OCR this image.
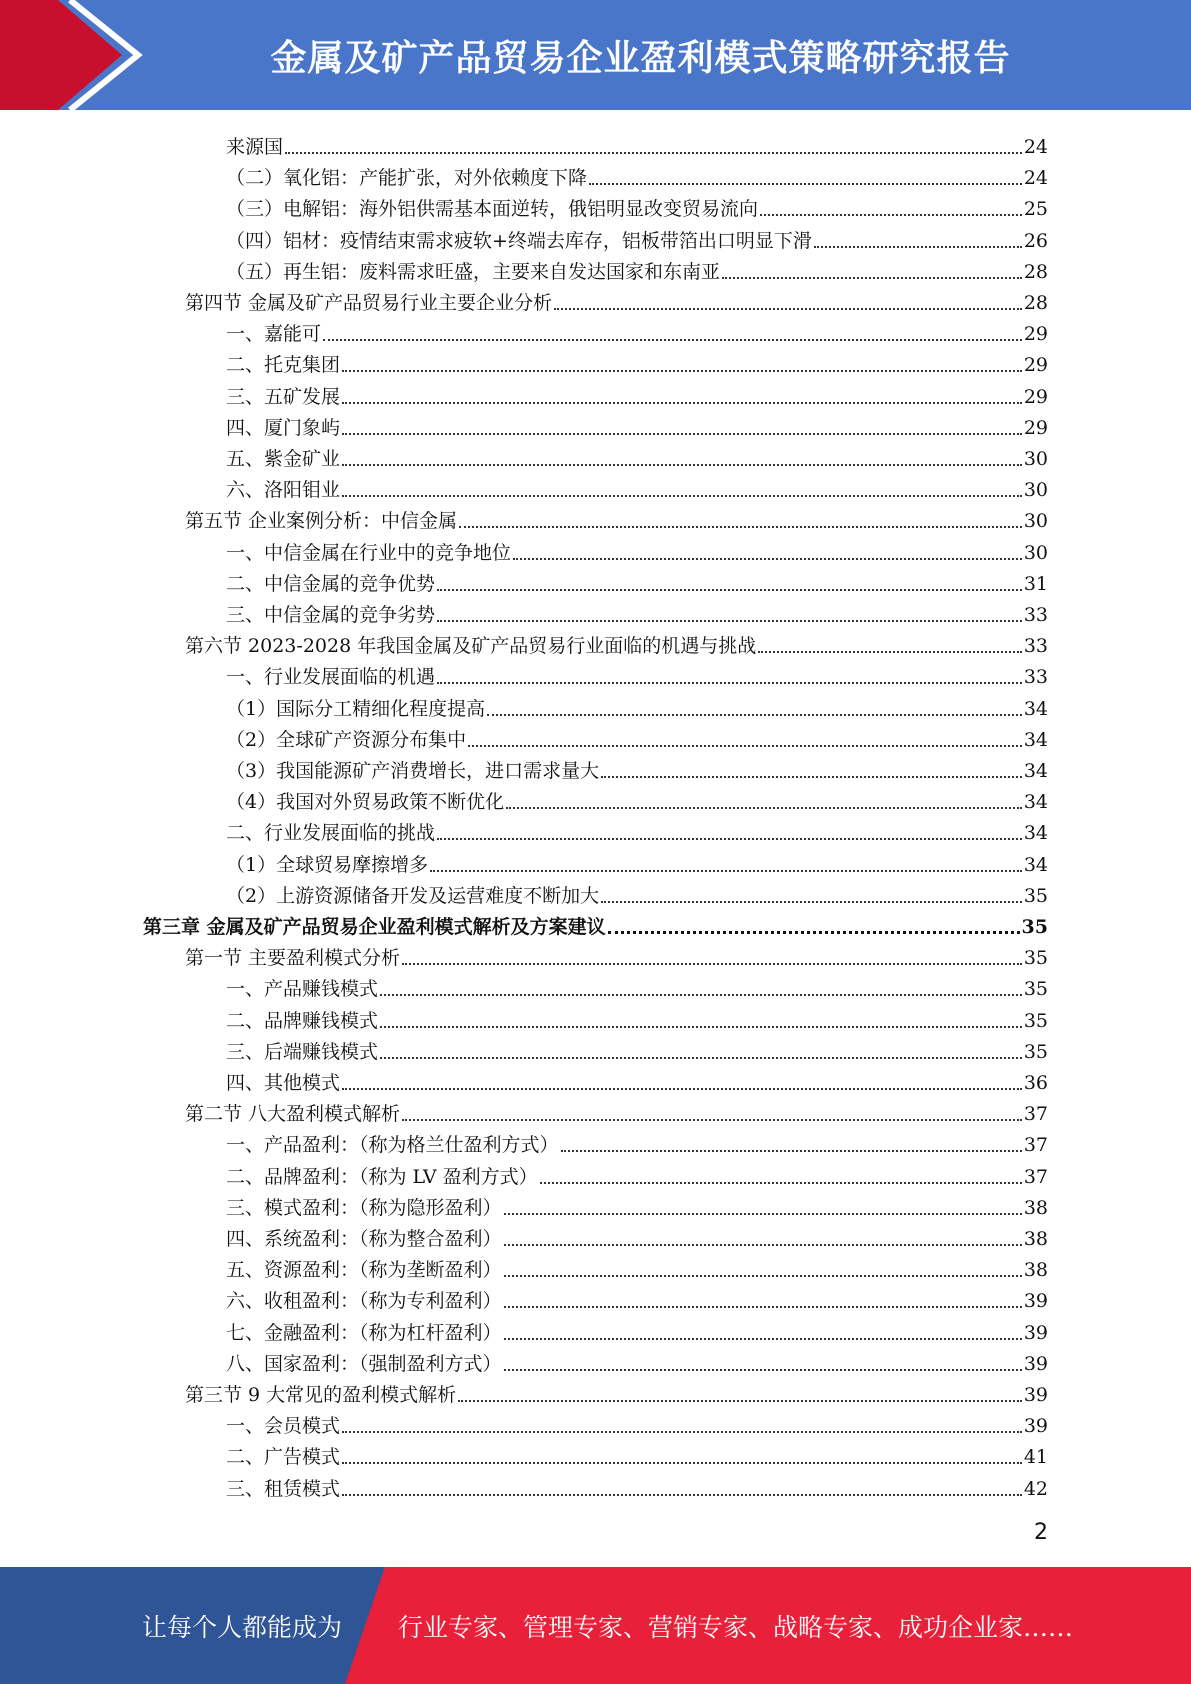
金属及矿产品贸易企业盈利模式策略研究报告
来源国	24
（二）氧化铝：产能扩张，对外依赖度下降	24
（三）电解铝：海外铝供需基本面逆转，俄铝明显改变贸易流向	25
（四）铝材：疫情结束需求疲软+终端去库存，铝板带箔出口明显下滑	26
（五）再生铝：废料需求旺盛，主要来自发达国家和东南亚	28
第四节 金属及矿产品贸易行业主要企业分析	28
一、嘉能可	29
二、托克集团	29
三、五矿发展	29
四、厦门象屿	29
五、紫金矿业	30
六、洛阳钼业	30
第五节 企业案例分析：中信金属	30
一、中信金属在行业中的竞争地位	30
二、中信金属的竞争优势	31
三、中信金属的竞争劣势	33
第六节 2023-2028 年我国金属及矿产品贸易行业面临的机遇与挑战	33
一、行业发展面临的机遇	33
（1）国际分工精细化程度提高	34
（2）全球矿产资源分布集中	34
（3）我国能源矿产消费增长，进口需求量大	34
（4）我国对外贸易政策不断优化	34
二、行业发展面临的挑战	34
（1）全球贸易摩擦增多	34
（2）上游资源储备开发及运营难度不断加大	35
第三章 金属及矿产品贸易企业盈利模式解析及方案建议	35
第一节 主要盈利模式分析	35
一、产品赚钱模式	35
二、品牌赚钱模式	35
三、后端赚钱模式	35
四、其他模式	36
第二节 八大盈利模式解析	37
一、产品盈利：（称为格兰仕盈利方式）	37
二、品牌盈利：（称为 LV 盈利方式）	37
三、模式盈利：（称为隐形盈利）	38
四、系统盈利：（称为整合盈利）	38
五、资源盈利：（称为垄断盈利）	38
六、收租盈利：（称为专利盈利）	39
七、金融盈利：（称为杠杆盈利）	39
八、国家盈利：（强制盈利方式）	39
第三节 9 大常见的盈利模式解析	39
一、会员模式	39
二、广告模式	41
三、租赁模式	42
2
让每个人都能成为 行业专家、管理专家、营销专家、战略专家、成功企业家……
